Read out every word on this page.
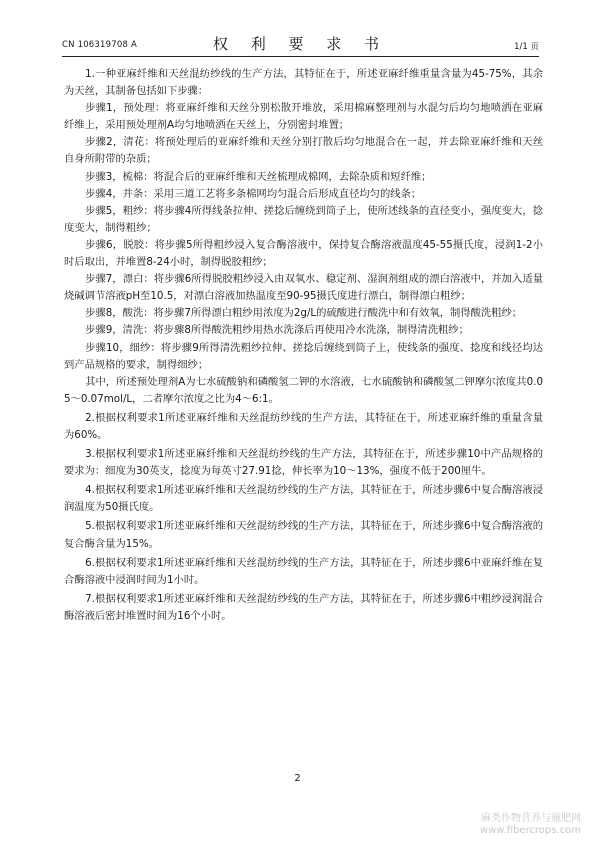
CN 106319708 A	权 利 要 求 书	1/1 页

1.一种亚麻纤维和天丝混纺纱线的生产方法，其特征在于，所述亚麻纤维重量含量为45-75%，其余为天丝，其制备包括如下步骤：

步骤1，预处理：将亚麻纤维和天丝分别松散开堆放，采用棉麻整理剂与水混匀后均匀地喷洒在亚麻纤维上，采用预处理剂A均匀地喷洒在天丝上，分别密封堆置；

步骤2，清花：将预处理后的亚麻纤维和天丝分别打散后均匀地混合在一起，并去除亚麻纤维和天丝自身所附带的杂质；

步骤3，梳棉：将混合后的亚麻纤维和天丝梳理成棉网，去除杂质和短纤维；

步骤4，并条：采用三道工艺将多条棉网均匀混合后形成直径均匀的线条；

步骤5，粗纱：将步骤4所得线条拉伸、搓捻后缠绕到筒子上，使所述线条的直径变小，强度变大，捻度变大，制得粗纱；

步骤6，脱胶：将步骤5所得粗纱浸入复合酶溶液中，保持复合酶溶液温度45-55摄氏度，浸润1-2小时后取出，并堆置8-24小时，制得脱胶粗纱；

步骤7，漂白：将步骤6所得脱胶粗纱浸入由双氧水、稳定剂、湿润剂组成的漂白溶液中，并加入适量烧碱调节溶液pH至10.5，对漂白溶液加热温度至90-95摄氏度进行漂白，制得漂白粗纱；

步骤8，酸洗：将步骤7所得漂白粗纱用浓度为2g/L的硫酸进行酸洗中和有效氧，制得酸洗粗纱；

步骤9，清洗：将步骤8所得酸洗粗纱用热水洗涤后再使用冷水洗涤，制得清洗粗纱；

步骤10，细纱：将步骤9所得清洗粗纱拉伸、搓捻后缠绕到筒子上，使线条的强度、捻度和线径均达到产品规格的要求，制得细纱；

其中，所述预处理剂A为七水硫酸钠和磷酸氢二钾的水溶液，七水硫酸钠和磷酸氢二钾摩尔浓度共0.05～0.07mol/L，二者摩尔浓度之比为4～6:1。

2.根据权利要求1所述亚麻纤维和天丝混纺纱线的生产方法，其特征在于，所述亚麻纤维的重量含量为60%。

3.根据权利要求1所述亚麻纤维和天丝混纺纱线的生产方法，其特征在于，所述步骤10中产品规格的要求为：细度为30英支，捻度为每英寸27.91捻，伸长率为10～13%，强度不低于200厘牛。

4.根据权利要求1所述亚麻纤维和天丝混纺纱线的生产方法，其特征在于，所述步骤6中复合酶溶液浸润温度为50摄氏度。

5.根据权利要求1所述亚麻纤维和天丝混纺纱线的生产方法，其特征在于，所述步骤6中复合酶溶液的复合酶含量为15%。

6.根据权利要求1所述亚麻纤维和天丝混纺纱线的生产方法，其特征在于，所述步骤6中亚麻纤维在复合酶溶液中浸润时间为1小时。

7.根据权利要求1所述亚麻纤维和天丝混纺纱线的生产方法，其特征在于，所述步骤6中粗纱浸润混合酶溶液后密封堆置时间为16个小时。

2
麻类作物营养与施肥网
www.fibercrops.com
